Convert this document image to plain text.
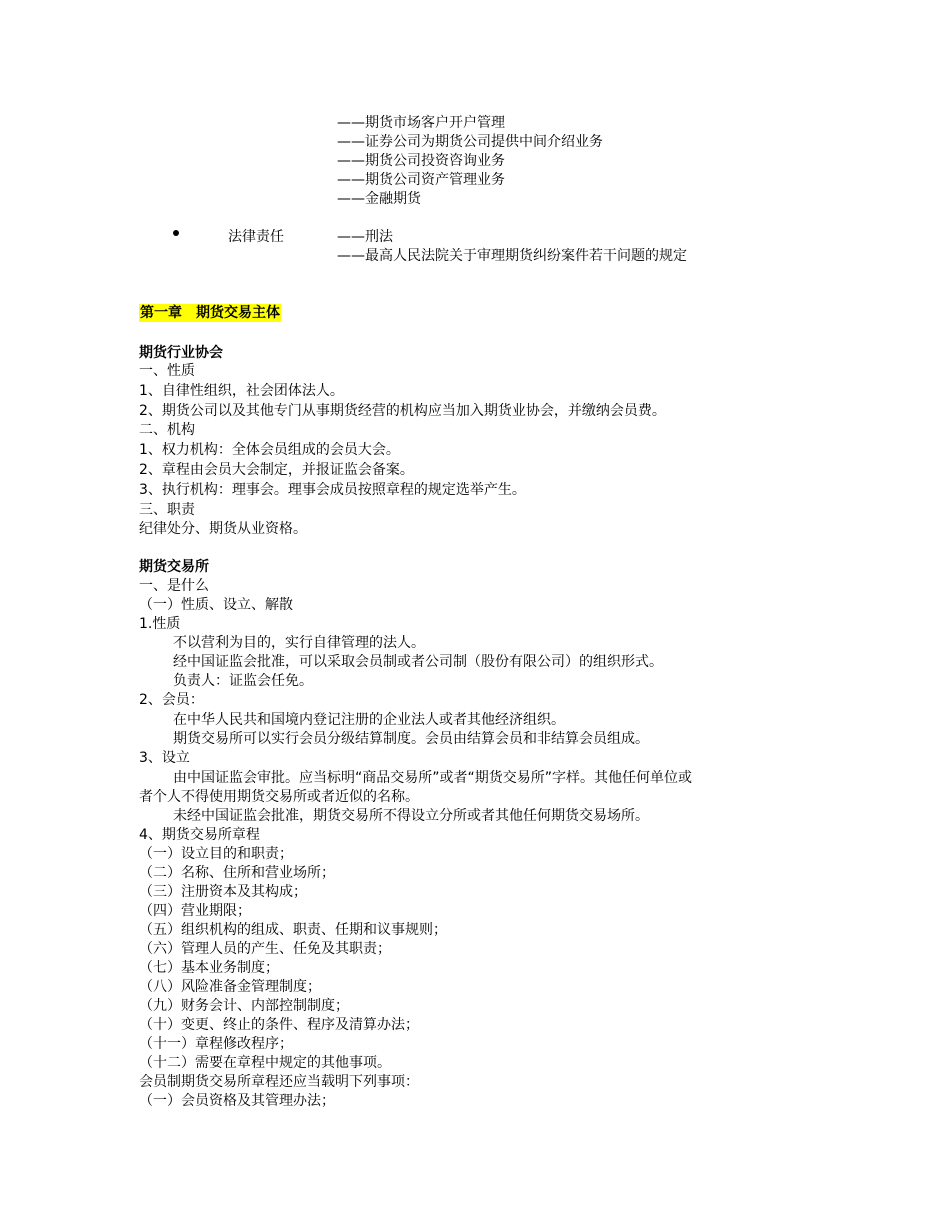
——期货市场客户开户管理
——证券公司为期货公司提供中间介绍业务
——期货公司投资咨询业务
——期货公司资产管理业务
——金融期货
法律责任	——刑法
——最高人民法院关于审理期货纠纷案件若干问题的规定
第一章　期货交易主体
期货行业协会
一、性质
1、自律性组织，社会团体法人。
2、期货公司以及其他专门从事期货经营的机构应当加入期货业协会，并缴纳会员费。
二、机构
1、权力机构：全体会员组成的会员大会。
2、章程由会员大会制定，并报证监会备案。
3、执行机构：理事会。理事会成员按照章程的规定选举产生。
三、职责
纪律处分、期货从业资格。
期货交易所
一、是什么
（一）性质、设立、解散
1.性质
不以营利为目的，实行自律管理的法人。
经中国证监会批准，可以采取会员制或者公司制（股份有限公司）的组织形式。
负责人：证监会任免。
2、会员：
在中华人民共和国境内登记注册的企业法人或者其他经济组织。
期货交易所可以实行会员分级结算制度。会员由结算会员和非结算会员组成。
3、设立
由中国证监会审批。应当标明“商品交易所”或者“期货交易所”字样。其他任何单位或
者个人不得使用期货交易所或者近似的名称。
未经中国证监会批准，期货交易所不得设立分所或者其他任何期货交易场所。
4、期货交易所章程
（一）设立目的和职责；
（二）名称、住所和营业场所；
（三）注册资本及其构成；
（四）营业期限；
（五）组织机构的组成、职责、任期和议事规则；
（六）管理人员的产生、任免及其职责；
（七）基本业务制度；
（八）风险准备金管理制度；
（九）财务会计、内部控制制度；
（十）变更、终止的条件、程序及清算办法；
（十一）章程修改程序；
（十二）需要在章程中规定的其他事项。
会员制期货交易所章程还应当载明下列事项：
（一）会员资格及其管理办法；
